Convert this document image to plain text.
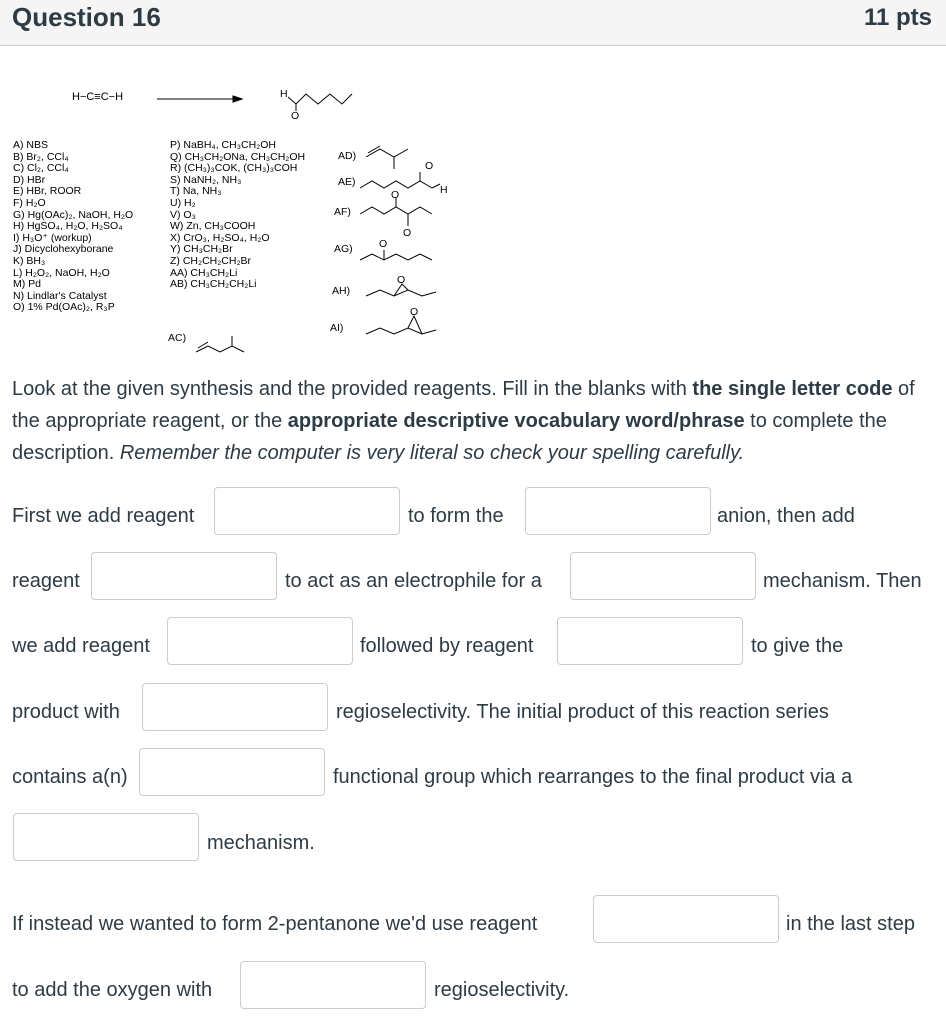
Question 16	11 pts
H−C≡C−H	H
O
A) NBS
B) Br₂, CCl₄
C) Cl₂, CCl₄
D) HBr
E) HBr, ROOR
F) H₂O
G) Hg(OAc)₂, NaOH, H₂O
H) HgSO₄, H₂O, H₂SO₄
I) H₃O⁺ (workup)
J) Dicyclohexyborane
K) BH₃
L) H₂O₂, NaOH, H₂O
M) Pd
N) Lindlar's Catalyst
O) 1% Pd(OAc)₂, R₃P
P) NaBH₄, CH₃CH₂OH
Q) CH₃CH₂ONa, CH₃CH₂OH
R) (CH₃)₃COK, (CH₃)₃COH
S) NaNH₂, NH₃
T) Na, NH₃
U) H₂
V) O₃
W) Zn, CH₃COOH
X) CrO₃, H₂SO₄, H₂O
Y) CH₃CH₂Br
Z) CH₂CH₂CH₂Br
AA) CH₃CH₂Li
AB) CH₃CH₂CH₂Li
AC)
AD)
AE)
AF)
AG)
AH)
AI)
O
H
O
O
O
O
O
Look at the given synthesis and the provided reagents. Fill in the blanks with the single letter code of the appropriate reagent, or the appropriate descriptive vocabulary word/phrase to complete the description. Remember the computer is very literal so check your spelling carefully.
First we add reagent	to form the	anion, then add
reagent	to act as an electrophile for a	mechanism. Then
we add reagent	followed by reagent	to give the
product with	regioselectivity. The initial product of this reaction series
contains a(n)	functional group which rearranges to the final product via a
mechanism.
If instead we wanted to form 2-pentanone we'd use reagent	in the last step
to add the oxygen with	regioselectivity.
